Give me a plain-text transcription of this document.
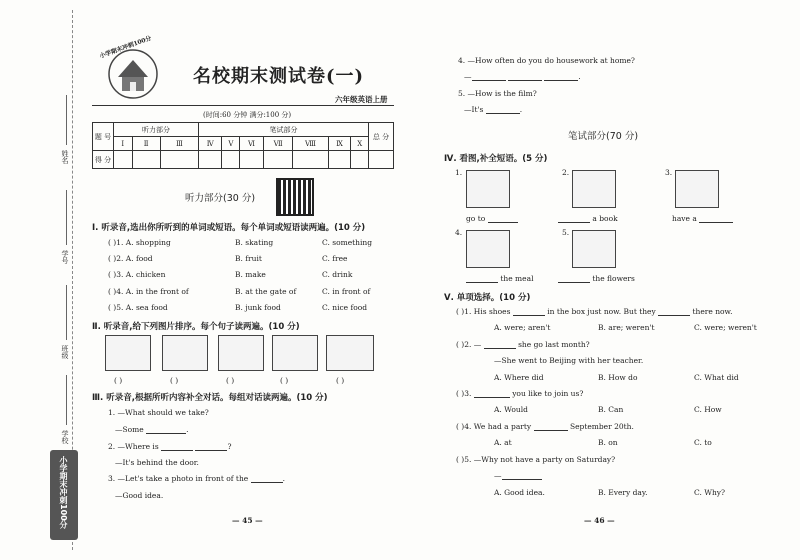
姓名
学号
班级
学校
小学期末冲刺100分
小学期末冲刺100分
名校期末测试卷(一)
六年级英语上册
(时间:60 分钟 满分:100 分)
题 号	听力部分			笔试部分							总 分
	Ⅰ	Ⅱ	Ⅲ	Ⅳ	Ⅴ	Ⅵ	Ⅶ	Ⅷ	Ⅸ	Ⅹ	
得 分											
听力部分(30 分)
Ⅰ. 听录音,选出你所听到的单词或短语。每个单词或短语读两遍。(10 分)
( )1. A. shopping	B. skating	C. something
( )2. A. food	B. fruit	C. free
( )3. A. chicken	B. make	C. drink
( )4. A. in the front of	B. at the gate of	C. in front of
( )5. A. sea food	B. junk food	C. nice food
Ⅱ. 听录音,给下列图片排序。每个句子读两遍。(10 分)
( )	( )	( )	( )	( )
Ⅲ. 听录音,根据所听内容补全对话。每组对话读两遍。(10 分)
1. —What should we take?
—Some	.
2. —Where is	?
—It's behind the door.
3. —Let's take a photo in front of the	.
—Good idea.
— 45 —
4. —How often do you do housework at home?
—	.
5. —How is the film?
—It's	.
笔试部分(70 分)
Ⅳ. 看图,补全短语。(5 分)
1.	2.	3.
go to	a book	have a
4.	5.
the meal	the flowers
Ⅴ. 单项选择。(10 分)
( )1. His shoes	in the box just now. But they	there now.
A. were; aren't	B. are; weren't	C. were; weren't
( )2. —	she go last month?
—She went to Beijing with her teacher.
A. Where did	B. How do	C. What did
( )3.	you like to join us?
A. Would	B. Can	C. How
( )4. We had a party	September 20th.
A. at	B. on	C. to
( )5. —Why not have a party on Saturday?
—
A. Good idea.	B. Every day.	C. Why?
— 46 —
